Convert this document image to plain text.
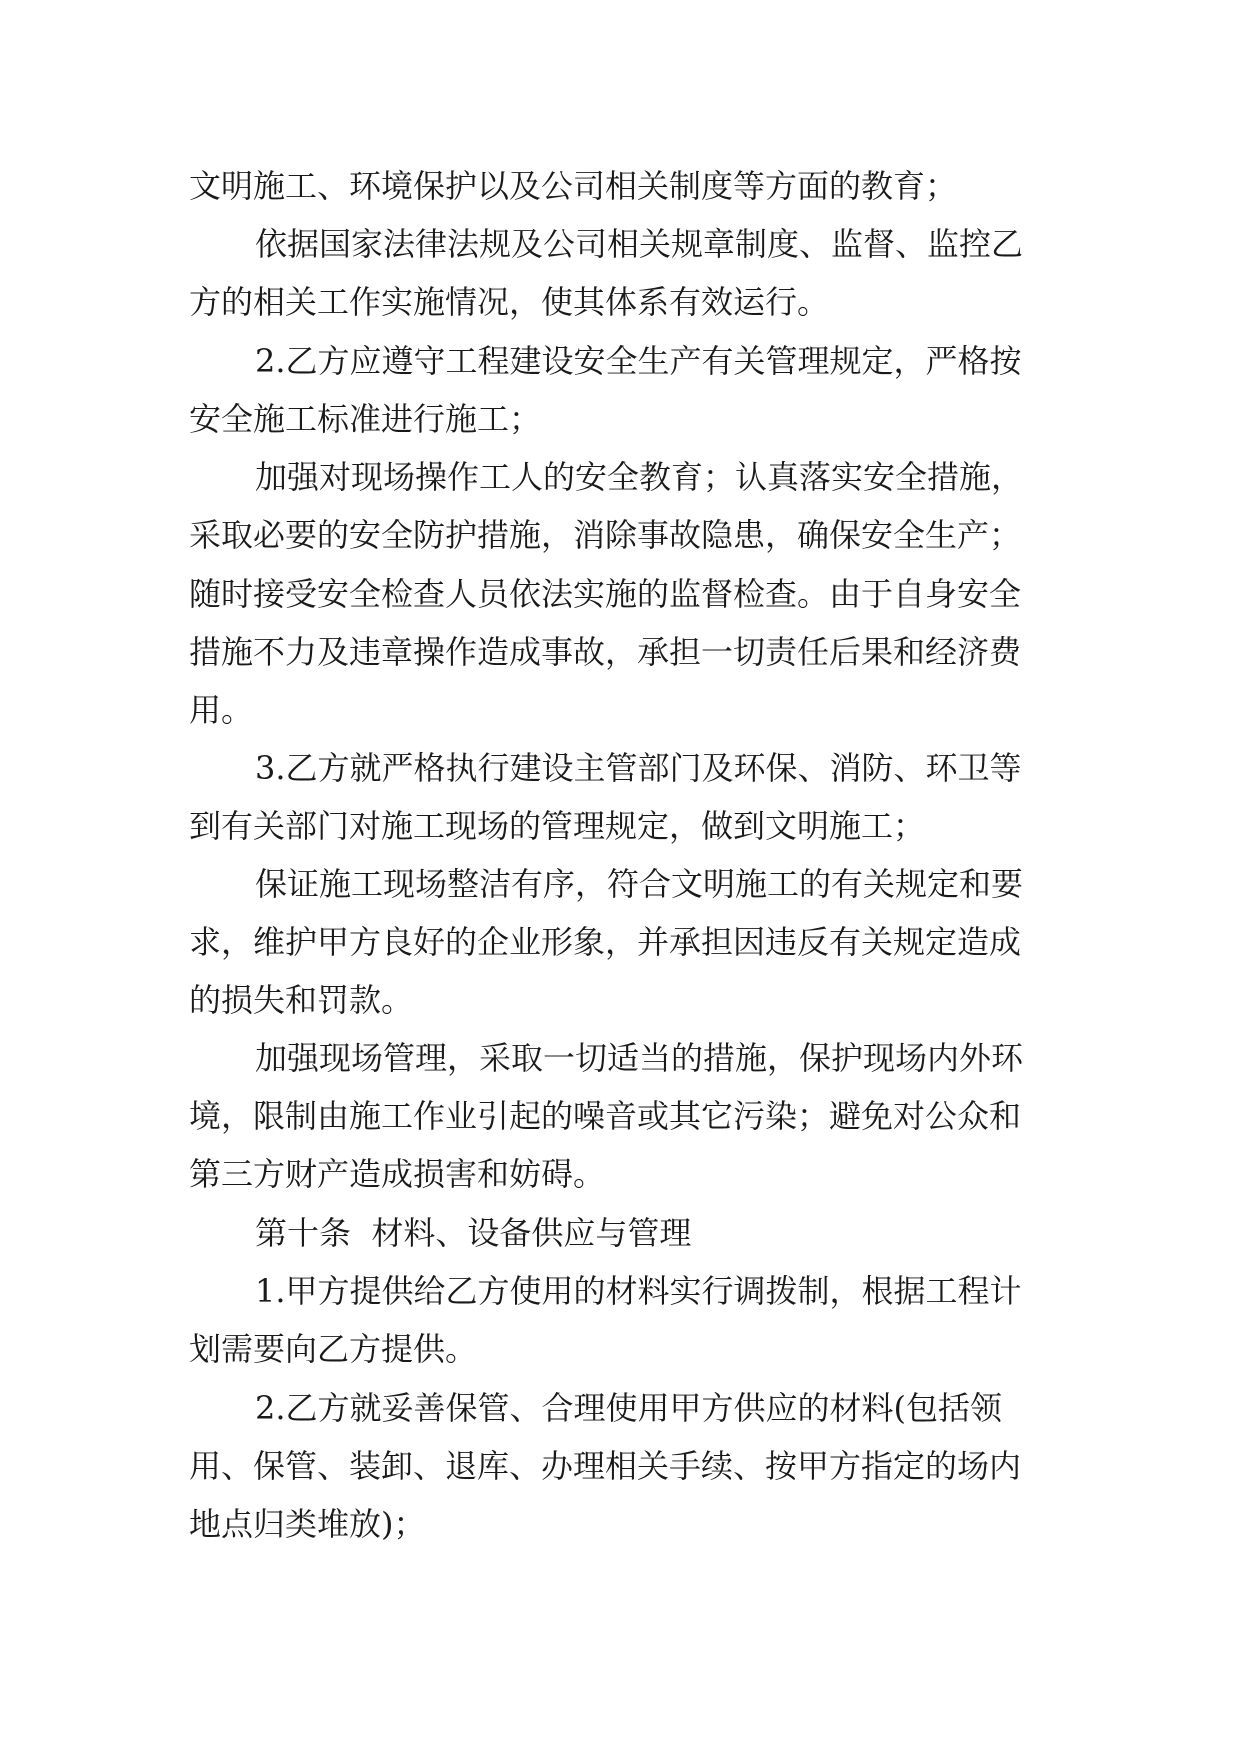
文明施工、环境保护以及公司相关制度等方面的教育；

依据国家法律法规及公司相关规章制度、监督、监控乙

方的相关工作实施情况，使其体系有效运行。

2.乙方应遵守工程建设安全生产有关管理规定，严格按

安全施工标准进行施工；

加强对现场操作工人的安全教育；认真落实安全措施，

采取必要的安全防护措施，消除事故隐患，确保安全生产；

随时接受安全检查人员依法实施的监督检查。由于自身安全

措施不力及违章操作造成事故，承担一切责任后果和经济费

用。

3.乙方就严格执行建设主管部门及环保、消防、环卫等

到有关部门对施工现场的管理规定，做到文明施工；

保证施工现场整洁有序，符合文明施工的有关规定和要

求，维护甲方良好的企业形象，并承担因违反有关规定造成

的损失和罚款。

加强现场管理，采取一切适当的措施，保护现场内外环

境，限制由施工作业引起的噪音或其它污染；避免对公众和

第三方财产造成损害和妨碍。

第十条  材料、设备供应与管理

1.甲方提供给乙方使用的材料实行调拨制，根据工程计

划需要向乙方提供。

2.乙方就妥善保管、合理使用甲方供应的材料(包括领

用、保管、装卸、退库、办理相关手续、按甲方指定的场内

地点归类堆放)；
